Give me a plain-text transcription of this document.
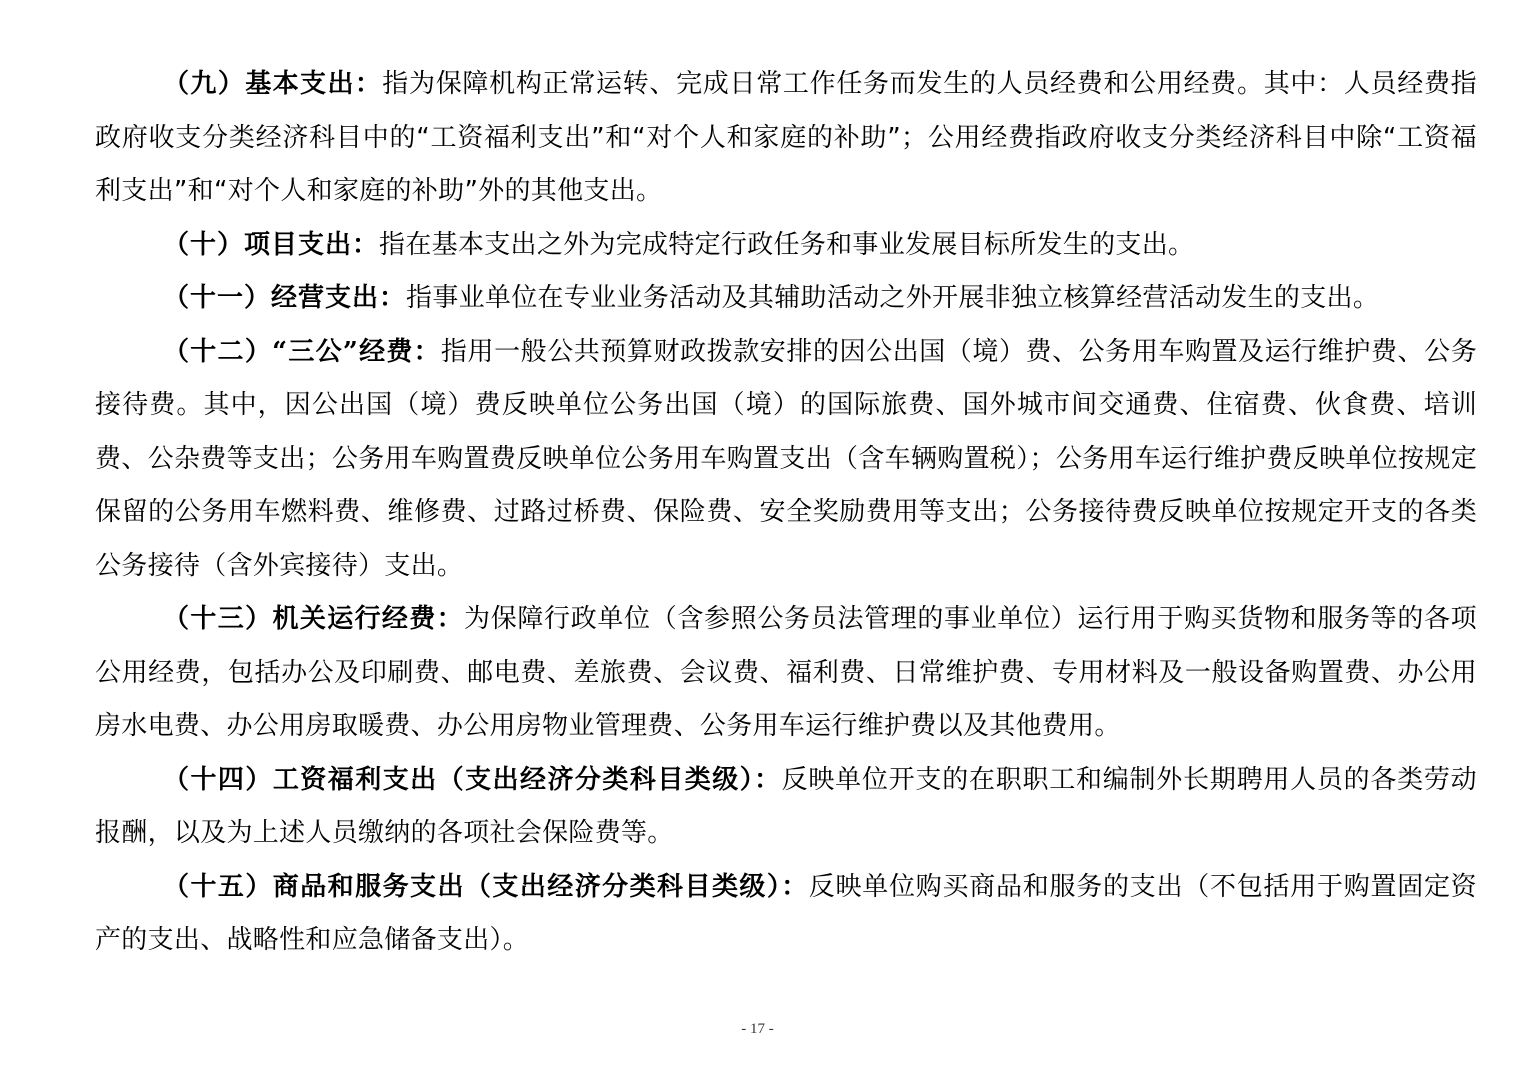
（九）基本支出：指为保障机构正常运转、完成日常工作任务而发生的人员经费和公用经费。其中：人员经费指政府收支分类经济科目中的“工资福利支出”和“对个人和家庭的补助”；公用经费指政府收支分类经济科目中除“工资福利支出”和“对个人和家庭的补助”外的其他支出。

（十）项目支出：指在基本支出之外为完成特定行政任务和事业发展目标所发生的支出。

（十一）经营支出：指事业单位在专业业务活动及其辅助活动之外开展非独立核算经营活动发生的支出。

（十二）“三公”经费：指用一般公共预算财政拨款安排的因公出国（境）费、公务用车购置及运行维护费、公务接待费。其中，因公出国（境）费反映单位公务出国（境）的国际旅费、国外城市间交通费、住宿费、伙食费、培训费、公杂费等支出；公务用车购置费反映单位公务用车购置支出（含车辆购置税）；公务用车运行维护费反映单位按规定保留的公务用车燃料费、维修费、过路过桥费、保险费、安全奖励费用等支出；公务接待费反映单位按规定开支的各类公务接待（含外宾接待）支出。

（十三）机关运行经费：为保障行政单位（含参照公务员法管理的事业单位）运行用于购买货物和服务等的各项公用经费，包括办公及印刷费、邮电费、差旅费、会议费、福利费、日常维护费、专用材料及一般设备购置费、办公用房水电费、办公用房取暖费、办公用房物业管理费、公务用车运行维护费以及其他费用。

（十四）工资福利支出（支出经济分类科目类级）：反映单位开支的在职职工和编制外长期聘用人员的各类劳动报酬，以及为上述人员缴纳的各项社会保险费等。

（十五）商品和服务支出（支出经济分类科目类级）：反映单位购买商品和服务的支出（不包括用于购置固定资产的支出、战略性和应急储备支出）。

- 17 -
